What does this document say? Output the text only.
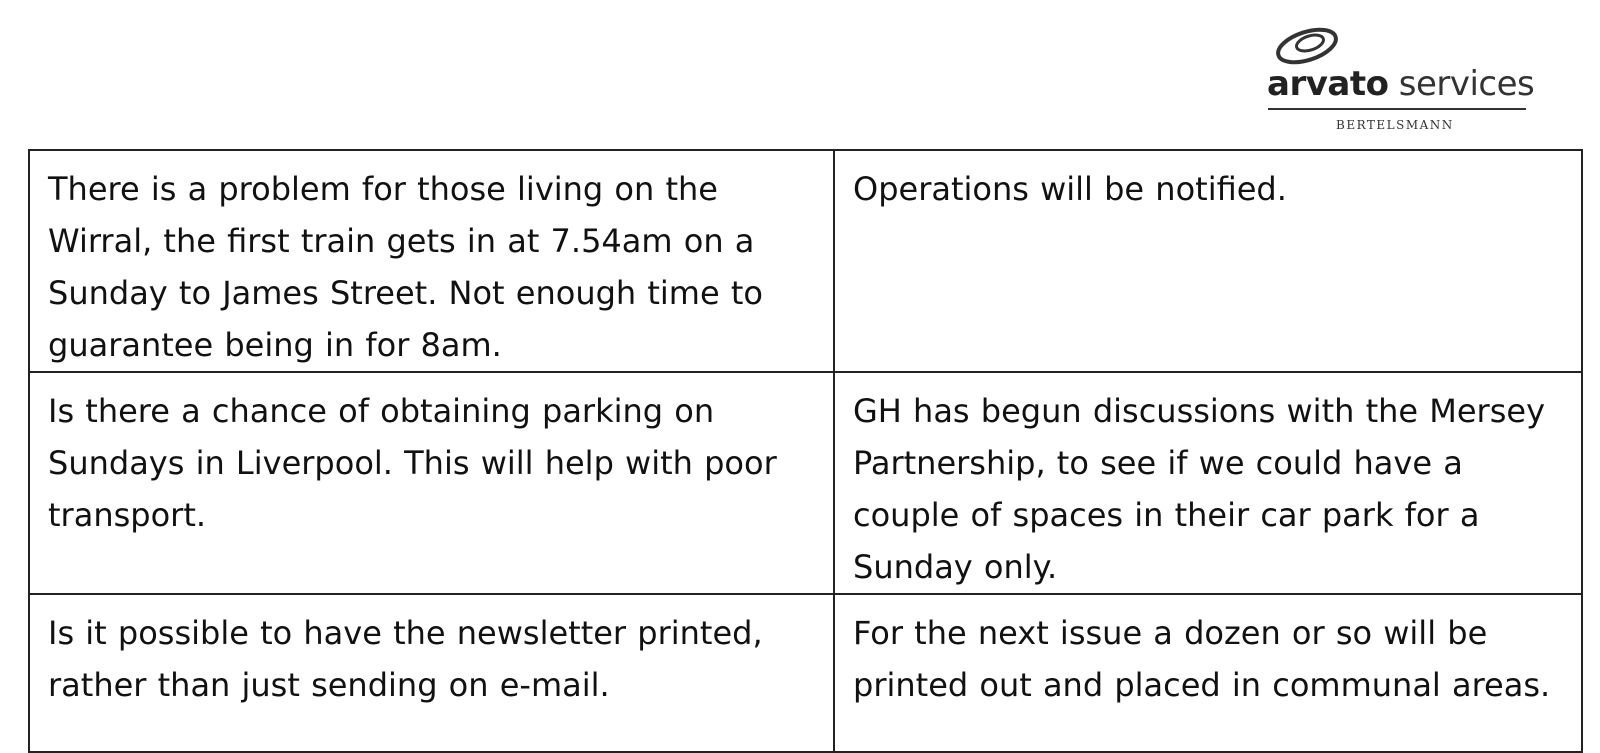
arvato services
BERTELSMANN
There is a problem for those living on the Wirral, the first train gets in at 7.54am on a Sunday to James Street. Not enough time to guarantee being in for 8am.	Operations will be notified.

Is there a chance of obtaining parking on Sundays in Liverpool. This will help with poor transport.	GH has begun discussions with the Mersey Partnership, to see if we could have a couple of spaces in their car park for a Sunday only.

Is it possible to have the newsletter printed, rather than just sending on e-mail.	For the next issue a dozen or so will be printed out and placed in communal areas.
